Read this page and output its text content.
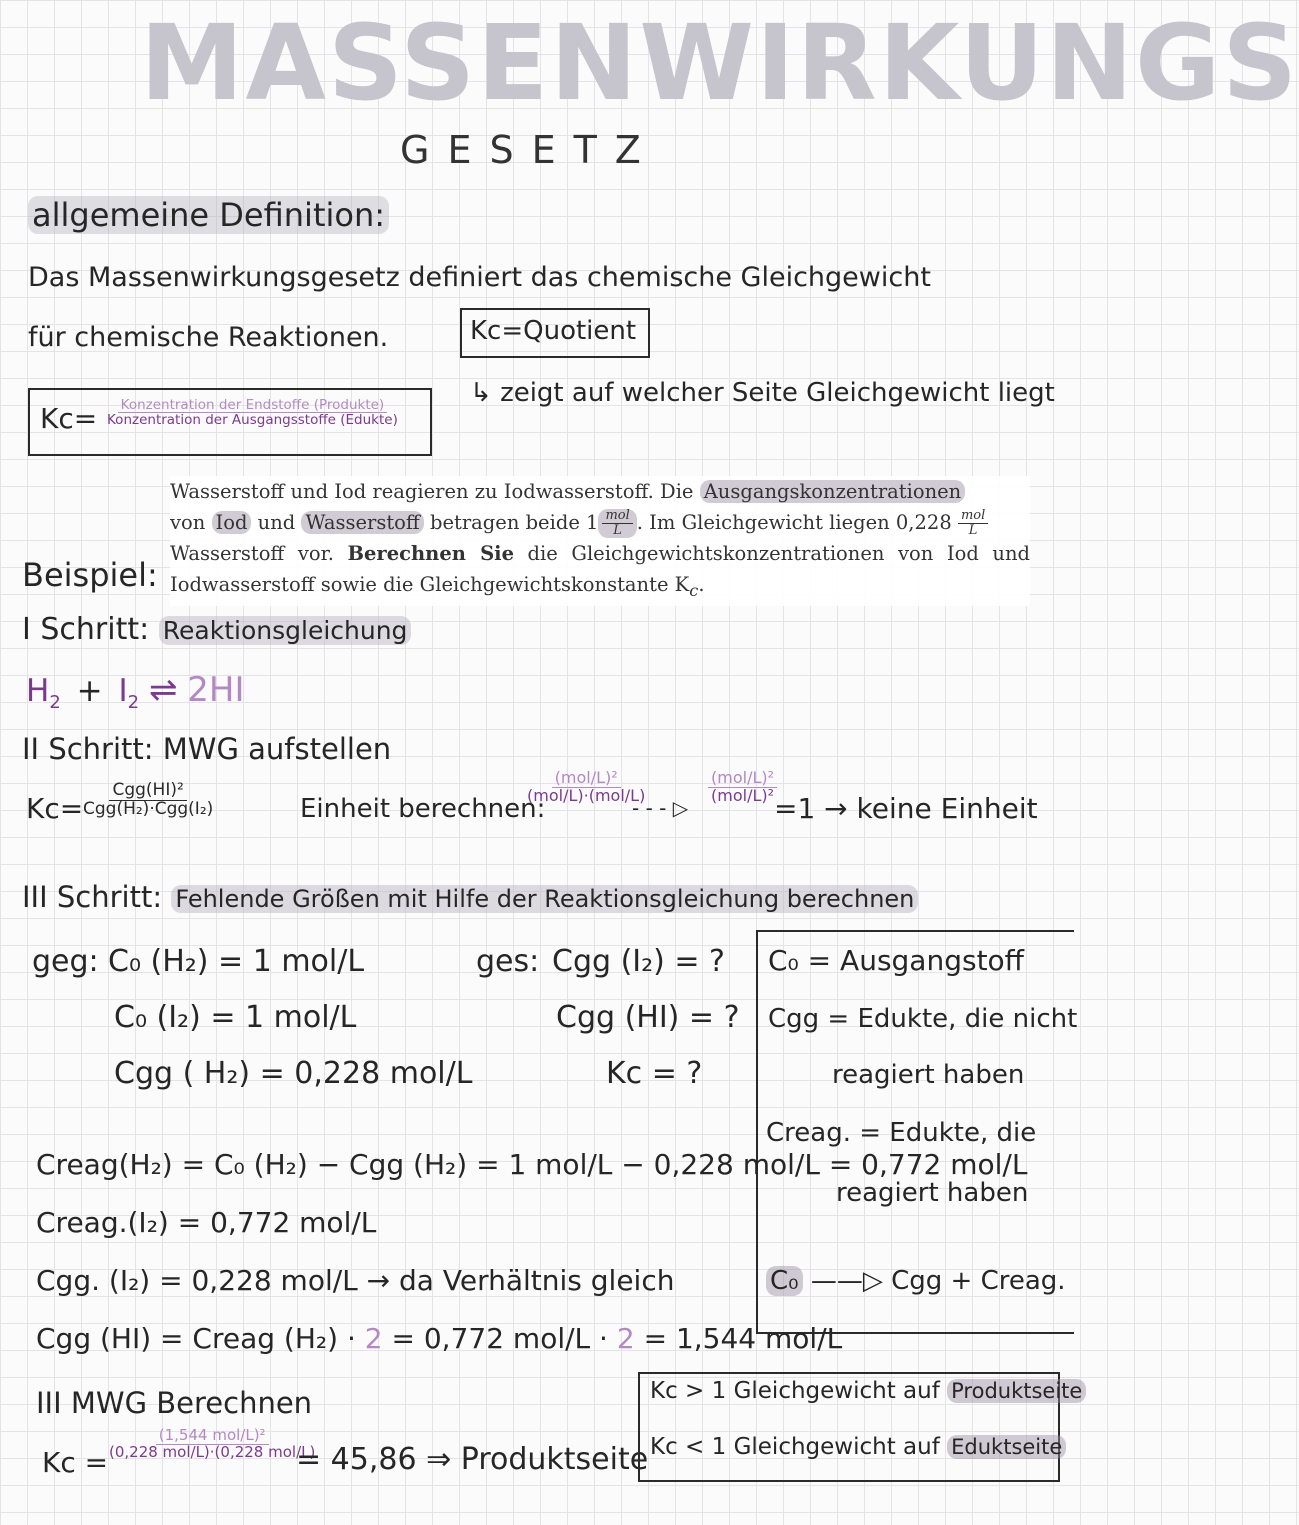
MASSENWIRKUNGS
GESETZ
allgemeine Definition:
Das Massenwirkungsgesetz definiert das chemische Gleichgewicht
für chemische Reaktionen.	Kc=Quotient
↳ zeigt auf welcher Seite Gleichgewicht liegt
$Kc= \frac{\text{Konzentration der Endstoffe (Produkte)}}{\text{Konzentration der Ausgangsstoffe (Edukte)}}$
Beispiel:
Wasserstoff und Iod reagieren zu Iodwasserstoff. Die Ausgangskonzentrationen
von Iod und Wasserstoff betragen beide $1 \frac{\text{mol}}{L}$ . Im Gleichgewicht liegen $0,228 \frac{\text{mol}}{L}$

Wasserstoff vor. Berechnen Sie die Gleichgewichtskonzentrationen von Iod und Iodwasserstoff sowie die Gleichgewichtskonstante $K_c$.
I Schritt: Reaktionsgleichung
$H_2 + I_2$ ⇌ 2HI
II Schritt: MWG aufstellen
Kc=
$\frac{\text{Cgg(HI)²}}{\text{Cgg(H₂)·Cgg(I₂)}}$	Einheit berechnen:
$\frac{\text{(mol/L)²}}{\text{(mol/L)·(mol/L)}}$
- - - ▷
$\frac{\text{(mol/L)²}}{\text{(mol/L)²}}$
=1 → keine Einheit
III Schritt: Fehlende Größen mit Hilfe der Reaktionsgleichung berechnen
geg: C₀ (H₂) = 1 mol/L
C₀ (I₂) = 1 mol/L
Cgg ( H₂) = 0,228 mol/L
ges: Cgg (I₂) = ?
Cgg (HI) = ?
Kc = ?
C₀ = Ausgangstoff
Cgg = Edukte, die nicht
reagiert haben
Creag. = Edukte, die
reagiert haben
C₀ ——▷ Cgg + Creag.
Creag(H₂) = C₀ (H₂) − Cgg (H₂) = 1 mol/L − 0,228 mol/L = 0,772 mol/L
Creag.(I₂) = 0,772 mol/L
Cgg. (I₂) = 0,228 mol/L → da Verhältnis gleich
Cgg (HI) = Creag (H₂) · 2 = 0,772 mol/L · 2 = 1,544 mol/L
III MWG Berechnen
Kc =
$\frac{\text{(1,544 mol/L)²}}{\text{(0,228 mol/L)·(0,228 mol/L)}}$
= 45,86 ⇒ Produktseite
Kc > 1 Gleichgewicht auf Produktseite
Kc < 1 Gleichgewicht auf Eduktseite
